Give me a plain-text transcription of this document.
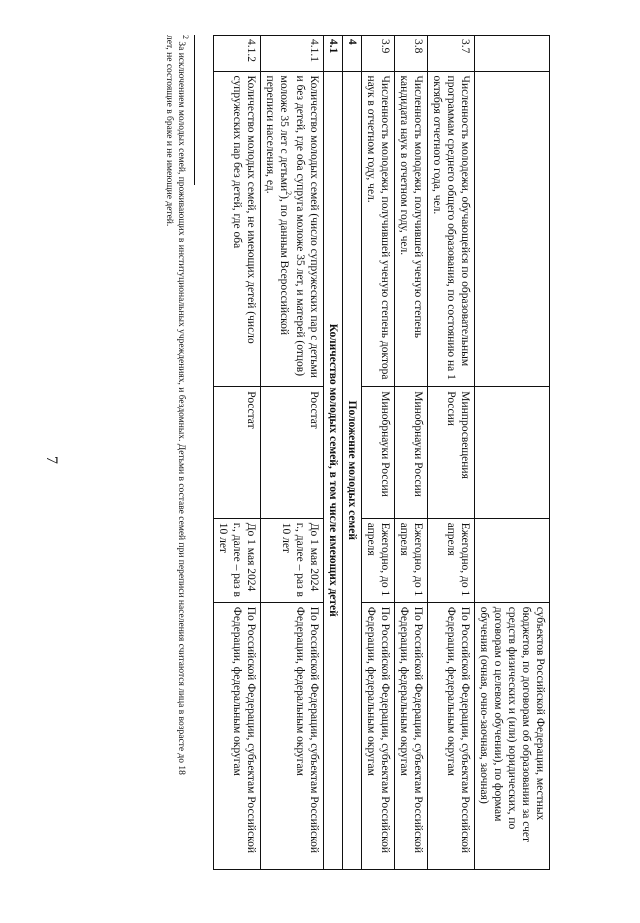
7
				субъектов Российской Федерации, местных бюджетов, по договорам об образовании за счет средств физических и (или) юридических, по договорам о целевом обучении), по формам обучения (очная, очно-заочная, заочная)
3.7	Численность молодежи, обучающейся по образовательным программам среднего общего образования, по состоянию на 1 октября отчетного года, чел.	Минпросвещения России	Ежегодно, до 1 апреля	По Российской Федерации, субъектам Российской Федерации, федеральным округам
3.8	Численность молодежи, получившей ученую степень кандидата наук в отчетном году, чел.	Минобрнауки России	Ежегодно, до 1 апреля	По Российской Федерации, субъектам Российской Федерации, федеральным округам
3.9	Численность молодежи, получившей ученую степень доктора наук в отчетном году, чел.	Минобрнауки России	Ежегодно, до 1 апреля	По Российской Федерации, субъектам Российской Федерации, федеральным округам
4	Положение молодых семей			
4.1	Количество молодых семей, в том числе имеющих детей			
4.1.1	Количество молодых семей (число супружеских пар с детьми и без детей, где оба супруга моложе 35 лет, и матерей (отцов) моложе 35 лет с детьми$^2$), по данным Всероссийской переписи населения, ед.	Росстат	До 1 мая 2024 г., далее – раз в 10 лет	По Российской Федерации, субъектам Российской Федерации, федеральным округам
4.1.2	Количество молодых семей, не имеющих детей (число супружеских пар без детей, где оба	Росстат	До 1 мая 2024 г., далее – раз в 10 лет	По Российской Федерации, субъектам Российской Федерации, федеральным округам
$^2$ За исключением молодых семей, проживающих в институциональных учреждениях, и бездомных. Детьми в составе семей при переписи населения считаются лица в возрасте до 18 лет, не состоящие в браке и не имеющие детей.
